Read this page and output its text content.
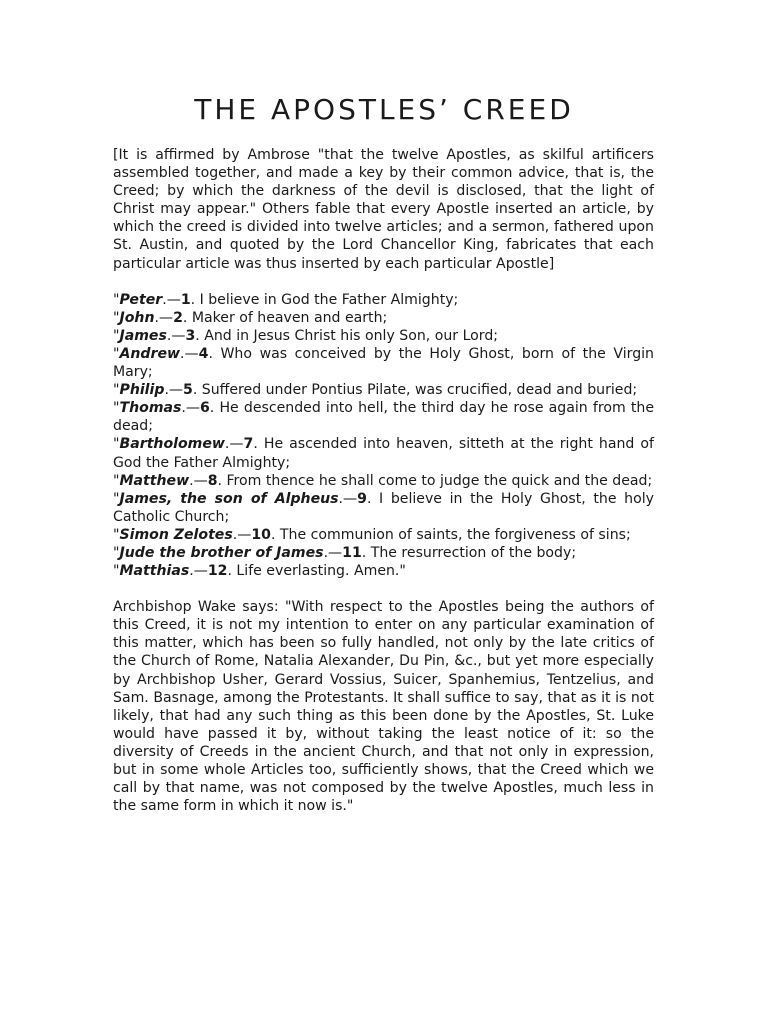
THE APOSTLES’ CREED

[It is affirmed by Ambrose "that the twelve Apostles, as skilful artificers assembled together, and made a key by their common advice, that is, the Creed; by which the darkness of the devil is disclosed, that the light of Christ may appear." Others fable that every Apostle inserted an article, by which the creed is divided into twelve articles; and a sermon, fathered upon St. Austin, and quoted by the Lord Chancellor King, fabricates that each particular article was thus inserted by each particular Apostle]

"Peter.—1. I believe in God the Father Almighty;
"John.—2. Maker of heaven and earth;
"James.—3. And in Jesus Christ his only Son, our Lord;
"Andrew.—4. Who was conceived by the Holy Ghost, born of the Virgin Mary;
"Philip.—5. Suffered under Pontius Pilate, was crucified, dead and buried;
"Thomas.—6. He descended into hell, the third day he rose again from the dead;
"Bartholomew.—7. He ascended into heaven, sitteth at the right hand of God the Father Almighty;
"Matthew.—8. From thence he shall come to judge the quick and the dead;
"James, the son of Alpheus.—9. I believe in the Holy Ghost, the holy Catholic Church;
"Simon Zelotes.—10. The communion of saints, the forgiveness of sins;
"Jude the brother of James.—11. The resurrection of the body;
"Matthias.—12. Life everlasting. Amen."

Archbishop Wake says: "With respect to the Apostles being the authors of this Creed, it is not my intention to enter on any particular examination of this matter, which has been so fully handled, not only by the late critics of the Church of Rome, Natalia Alexander, Du Pin, &c., but yet more especially by Archbishop Usher, Gerard Vossius, Suicer, Spanhemius, Tentzelius, and Sam. Basnage, among the Protestants. It shall suffice to say, that as it is not likely, that had any such thing as this been done by the Apostles, St. Luke would have passed it by, without taking the least notice of it: so the diversity of Creeds in the ancient Church, and that not only in expression, but in some whole Articles too, sufficiently shows, that the Creed which we call by that name, was not composed by the twelve Apostles, much less in the same form in which it now is."
